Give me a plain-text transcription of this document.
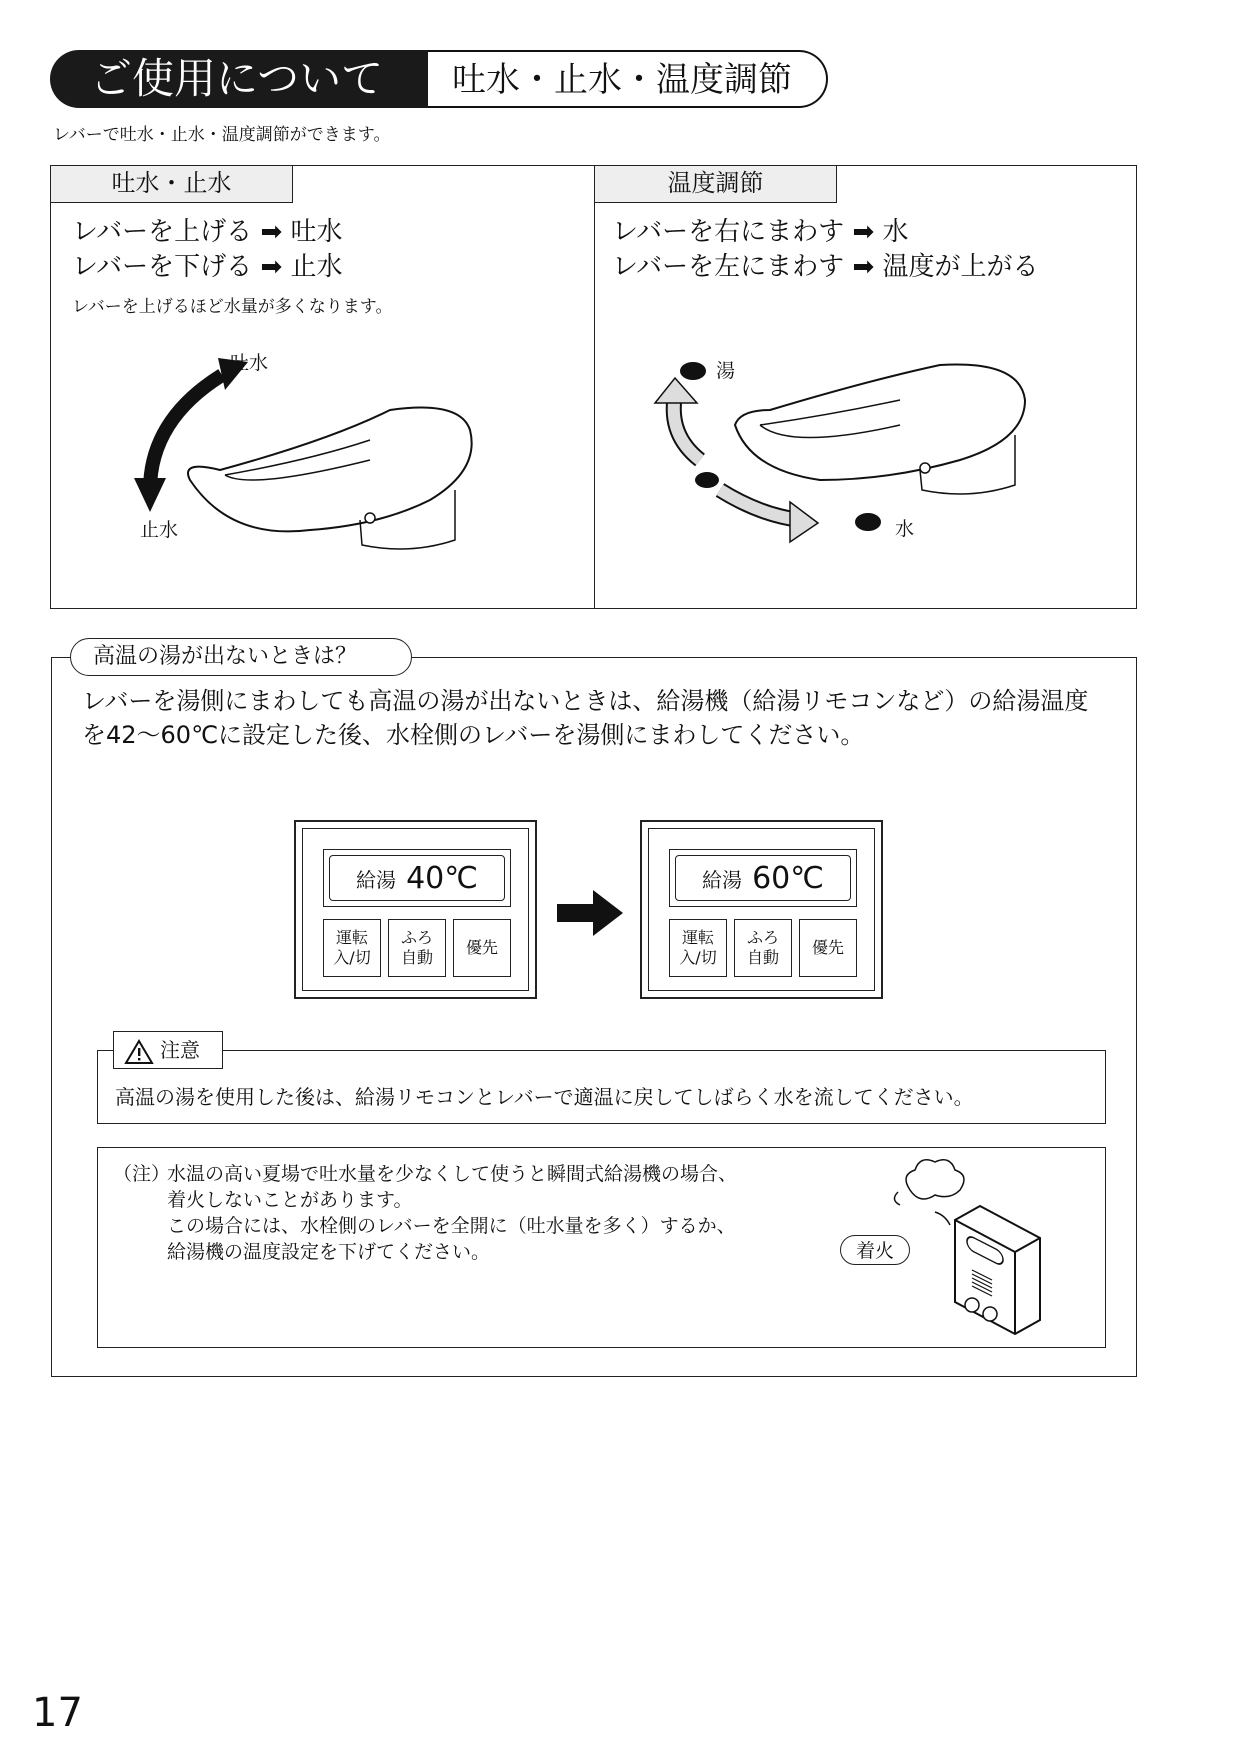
ご使用について	吐水・止水・温度調節
レバーで吐水・止水・温度調節ができます。
吐水・止水	温度調節
レバーを上げる ➡ 吐水
レバーを下げる ➡ 止水
レバーを上げるほど水量が多くなります。
レバーを右にまわす ➡ 水
レバーを左にまわす ➡ 温度が上がる
吐水
止水
湯
水
高温の湯が出ないときは？
レバーを湯側にまわしても高温の湯が出ないときは、給湯機（給湯リモコンなど）の給湯温度
を42～60℃に設定した後、水栓側のレバーを湯側にまわしてください。
給湯 40℃
運転
入/切
ふろ
自動
優先
給湯 60℃
運転
入/切
ふろ
自動
優先
注意
高温の湯を使用した後は、給湯リモコンとレバーで適温に戻してしばらく水を流してください。
（注）
水温の高い夏場で吐水量を少なくして使うと瞬間式給湯機の場合、
着火しないことがあります。
この場合には、水栓側のレバーを全開に（吐水量を多く）するか、
給湯機の温度設定を下げてください。	着火
17
